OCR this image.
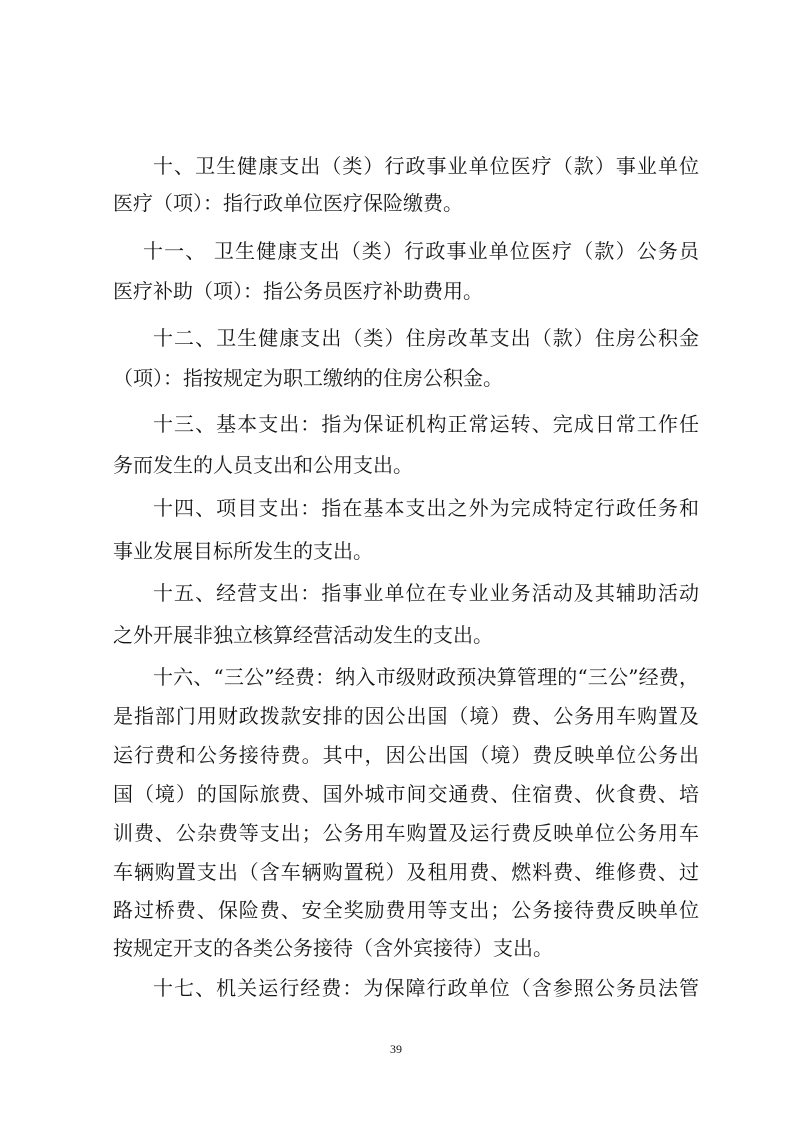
十、卫生健康支出（类）行政事业单位医疗（款）事业单位

医疗（项）：指行政单位医疗保险缴费。

十一、 卫生健康支出（类）行政事业单位医疗（款）公务员

医疗补助（项）：指公务员医疗补助费用。

十二、卫生健康支出（类）住房改革支出（款）住房公积金

（项）：指按规定为职工缴纳的住房公积金。

十三、基本支出：指为保证机构正常运转、完成日常工作任

务而发生的人员支出和公用支出。

十四、项目支出：指在基本支出之外为完成特定行政任务和

事业发展目标所发生的支出。

十五、经营支出：指事业单位在专业业务活动及其辅助活动

之外开展非独立核算经营活动发生的支出。

十六、“三公”经费：纳入市级财政预决算管理的“三公”经费，

是指部门用财政拨款安排的因公出国（境）费、公务用车购置及

运行费和公务接待费。其中，因公出国（境）费反映单位公务出

国（境）的国际旅费、国外城市间交通费、住宿费、伙食费、培

训费、公杂费等支出；公务用车购置及运行费反映单位公务用车

车辆购置支出（含车辆购置税）及租用费、燃料费、维修费、过

路过桥费、保险费、安全奖励费用等支出；公务接待费反映单位

按规定开支的各类公务接待（含外宾接待）支出。

十七、机关运行经费：为保障行政单位（含参照公务员法管

39
